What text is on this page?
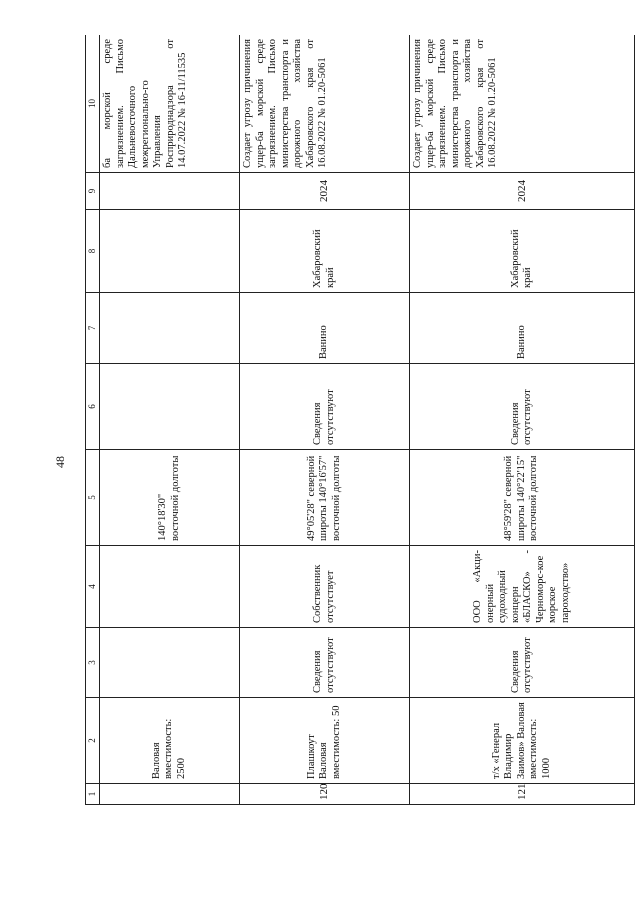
48
1	2	3	4	5	6	7	8	9	10
	Валовая вместимость: 2500			140°18'30" восточной долготы					ба морской среде загрязнением. Письмо Дальневосточного межрегионально-го Управления Росприроднадзора от 14.07.2022 № 16-11/11535
120	Плашкоут Валовая вместимость: 50	Сведения отсутствуют	Собственник отсутствует	49°05'28" северной широты 140°16'57" восточной долготы	Сведения отсутствуют	Ванино	Хабаровский край	2024	Создает угрозу причинения ущер-ба морской среде загрязнением. Письмо министерства транспорта и дорожного хозяйства Хабаровского края от 16.08.2022 № 01.20-5061
121	т/х «Генерал Владимир Заимов» Валовая вместимость: 1000	Сведения отсутствуют	ООО «Акци-онерный судоходный концерн «БЛАСКО» - Черноморс-кое морское пароходство»	48°59'28" северной широты 140°22'15" восточной долготы	Сведения отсутствуют	Ванино	Хабаровский край	2024	Создает угрозу причинения ущер-ба морской среде загрязнением. Письмо министерства транспорта и дорожного хозяйства Хабаровского края от 16.08.2022 № 01.20-5061
